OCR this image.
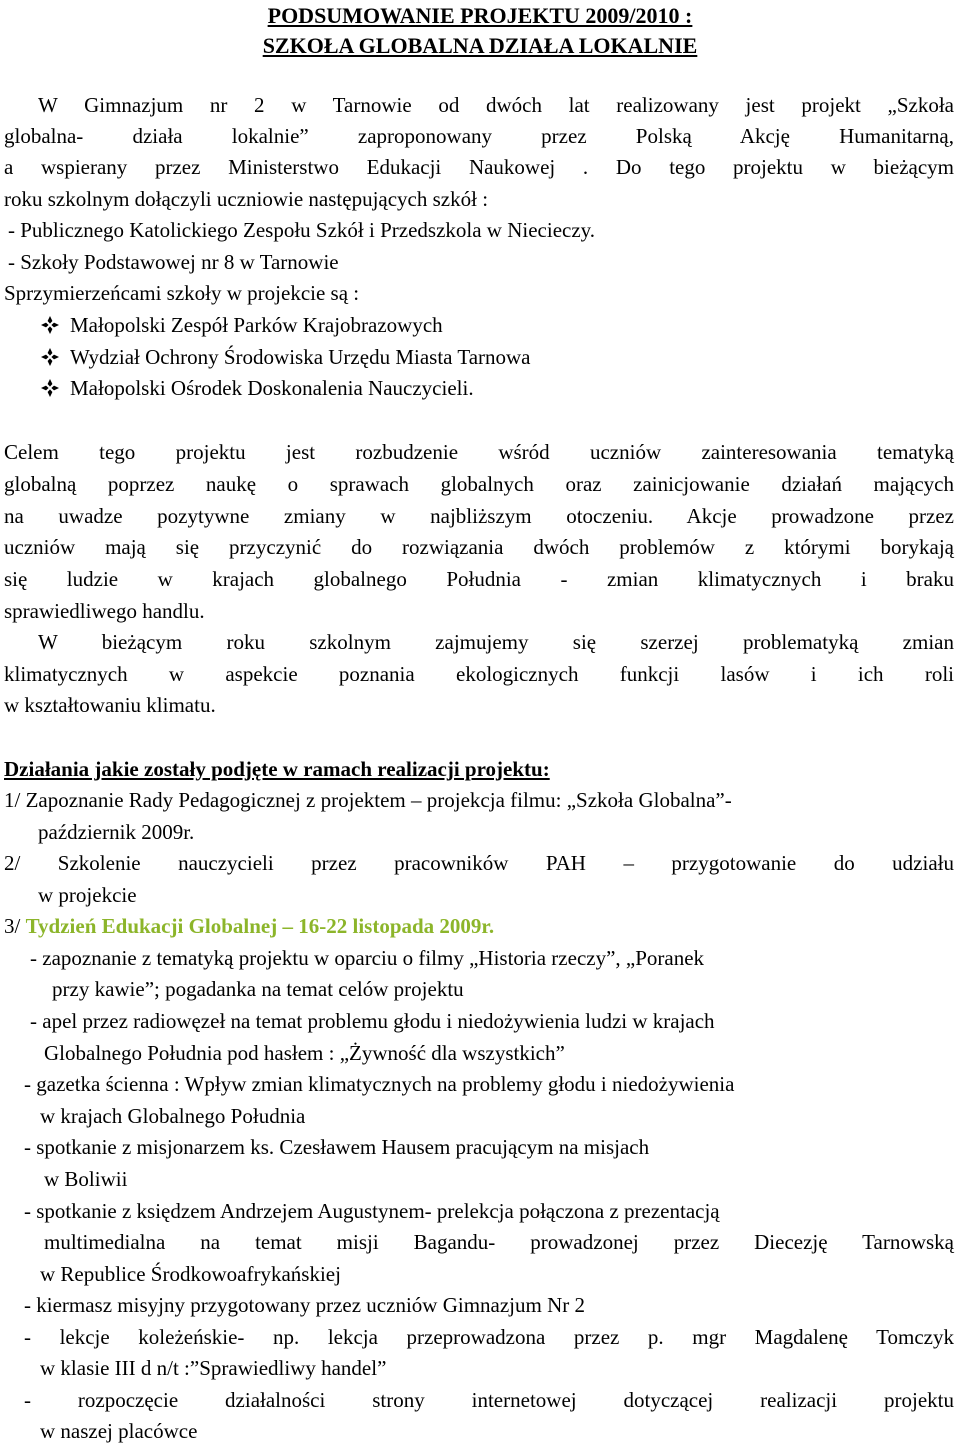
PODSUMOWANIE PROJEKTU 2009/2010 :
SZKOŁA GLOBALNA DZIAŁA LOKALNIE
W Gimnazjum nr 2 w Tarnowie od dwóch lat realizowany jest projekt „Szkoła
globalna- działa lokalnie” zaproponowany przez Polską Akcję Humanitarną,
a wspierany przez Ministerstwo Edukacji Naukowej . Do tego projektu w bieżącym
roku szkolnym dołączyli uczniowie następujących szkół :
- Publicznego Katolickiego Zespołu Szkół i Przedszkola w Niecieczy.
- Szkoły Podstawowej nr 8 w Tarnowie
Sprzymierzeńcami szkoły w projekcie są :
Małopolski Zespół Parków Krajobrazowych
Wydział Ochrony Środowiska Urzędu Miasta Tarnowa
Małopolski Ośrodek Doskonalenia Nauczycieli.
Celem tego projektu jest rozbudzenie wśród uczniów zainteresowania tematyką
globalną poprzez naukę o sprawach globalnych oraz zainicjowanie działań mających
na uwadze pozytywne zmiany w najbliższym otoczeniu. Akcje prowadzone przez
uczniów mają się przyczynić do rozwiązania dwóch problemów z którymi borykają
się ludzie w krajach globalnego Południa - zmian klimatycznych i braku
sprawiedliwego handlu.
W bieżącym roku szkolnym zajmujemy się szerzej problematyką zmian
klimatycznych w aspekcie poznania ekologicznych funkcji lasów i ich roli
w kształtowaniu klimatu.
Działania jakie zostały podjęte w ramach realizacji projektu:
1/ Zapoznanie Rady Pedagogicznej z projektem – projekcja filmu: „Szkoła Globalna”-
październik 2009r.
2/ Szkolenie nauczycieli przez pracowników PAH – przygotowanie do udziału
w projekcie
3/ Tydzień Edukacji Globalnej – 16-22 listopada 2009r.
- zapoznanie z tematyką projektu w oparciu o filmy „Historia rzeczy”, „Poranek
przy kawie”; pogadanka na temat celów projektu
- apel przez radiowęzeł na temat problemu głodu i niedożywienia ludzi w krajach
Globalnego Południa pod hasłem : „Żywność dla wszystkich”
- gazetka ścienna : Wpływ zmian klimatycznych na problemy głodu i niedożywienia
w krajach Globalnego Południa
- spotkanie z misjonarzem ks. Czesławem Hausem pracującym na misjach
w Boliwii
- spotkanie z księdzem Andrzejem Augustynem- prelekcja połączona z prezentacją
multimedialna na temat misji Bagandu- prowadzonej przez Diecezję Tarnowską
w Republice Środkowoafrykańskiej
- kiermasz misyjny przygotowany przez uczniów Gimnazjum Nr 2
- lekcje koleżeńskie- np. lekcja przeprowadzona przez p. mgr Magdalenę Tomczyk
w klasie III d n/t :”Sprawiedliwy handel”
- rozpoczęcie działalności strony internetowej dotyczącej realizacji projektu
w naszej placówce
